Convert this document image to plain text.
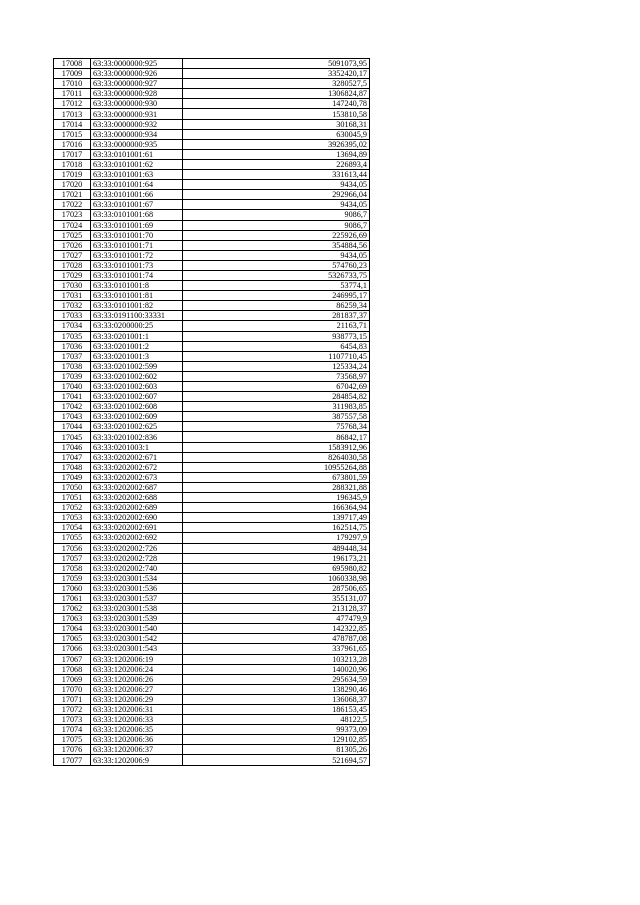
17008	63:33:0000000:925	5091073,95
17009	63:33:0000000:926	3352420,17
17010	63:33:0000000:927	3280527,5
17011	63:33:0000000:928	1306824,87
17012	63:33:0000000:930	147240,78
17013	63:33:0000000:931	153810,58
17014	63:33:0000000:932	30168,31
17015	63:33:0000000:934	630045,9
17016	63:33:0000000:935	3926395,02
17017	63:33:0101001:61	13694,89
17018	63:33:0101001:62	226893,4
17019	63:33:0101001:63	331613,44
17020	63:33:0101001:64	9434,05
17021	63:33:0101001:66	292966,04
17022	63:33:0101001:67	9434,05
17023	63:33:0101001:68	9086,7
17024	63:33:0101001:69	9086,7
17025	63:33:0101001:70	225926,69
17026	63:33:0101001:71	354884,56
17027	63:33:0101001:72	9434,05
17028	63:33:0101001:73	574760,23
17029	63:33:0101001:74	5326733,75
17030	63:33:0101001:8	53774,1
17031	63:33:0101001:81	246995,17
17032	63:33:0101001:82	86259,34
17033	63:33:0191100:33331	281837,37
17034	63:33:0200000:25	21163,71
17035	63:33:0201001:1	938773,15
17036	63:33:0201001:2	6454,83
17037	63:33:0201001:3	1107710,45
17038	63:33:0201002:599	125334,24
17039	63:33:0201002:602	73568,97
17040	63:33:0201002:603	67042,69
17041	63:33:0201002:607	284854,82
17042	63:33:0201002:608	311983,85
17043	63:33:0201002:609	387557,58
17044	63:33:0201002:625	75768,34
17045	63:33:0201002:836	86842,17
17046	63:33:0201003:1	1583912,96
17047	63:33:0202002:671	8264030,58
17048	63:33:0202002:672	10955264,88
17049	63:33:0202002:673	673801,59
17050	63:33:0202002:687	288321,88
17051	63:33:0202002:688	196345,9
17052	63:33:0202002:689	166364,94
17053	63:33:0202002:690	139717,49
17054	63:33:0202002:691	162514,75
17055	63:33:0202002:692	179297,9
17056	63:33:0202002:726	489448,34
17057	63:33:0202002:728	196173,21
17058	63:33:0202002:740	695980,82
17059	63:33:0203001:534	1060338,98
17060	63:33:0203001:536	287506,65
17061	63:33:0203001:537	355131,07
17062	63:33:0203001:538	213128,37
17063	63:33:0203001:539	477479,9
17064	63:33:0203001:540	142322,85
17065	63:33:0203001:542	478787,08
17066	63:33:0203001:543	337961,65
17067	63:33:1202006:19	103213,28
17068	63:33:1202006:24	140020,96
17069	63:33:1202006:26	295634,59
17070	63:33:1202006:27	138290,46
17071	63:33:1202006:29	136068,37
17072	63:33:1202006:31	186153,45
17073	63:33:1202006:33	48122,5
17074	63:33:1202006:35	99373,09
17075	63:33:1202006:36	129102,85
17076	63:33:1202006:37	81305,26
17077	63:33:1202006:9	521694,57
